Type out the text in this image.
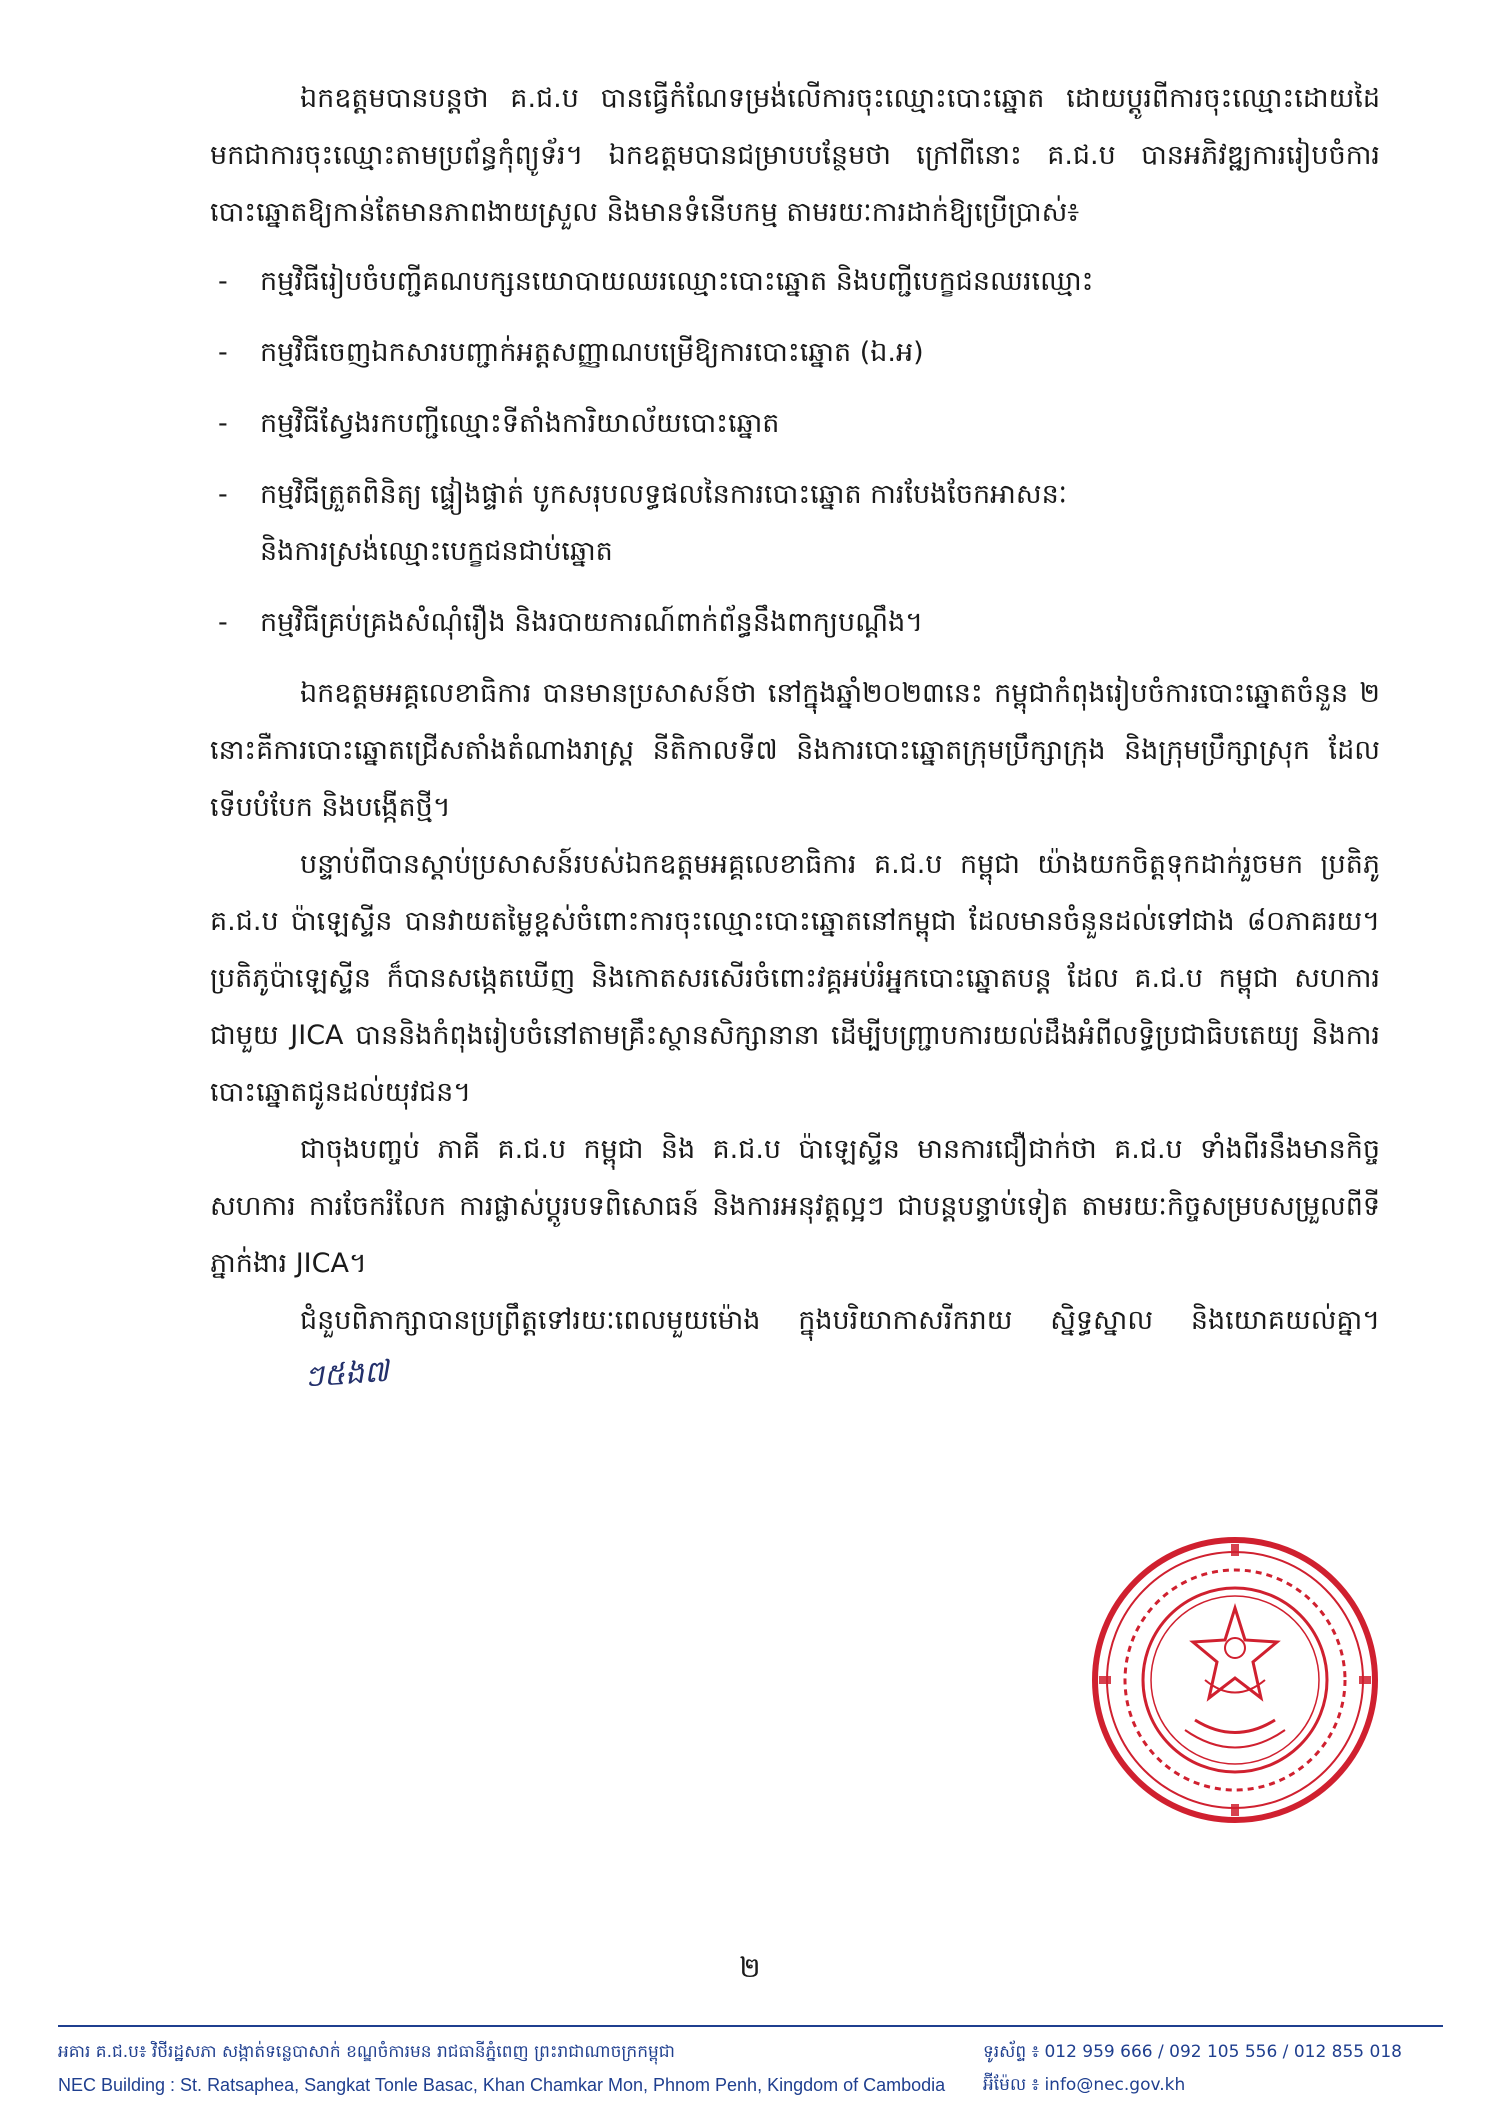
ឯកឧត្តមបានបន្តថា គ.ជ.ប បានធ្វើកំណែទម្រង់លើការចុះឈ្មោះបោះឆ្នោត ដោយប្តូរពីការចុះឈ្មោះដោយដៃ មកជាការចុះឈ្មោះតាមប្រព័ន្ធកុំព្យូទ័រ។ ឯកឧត្តមបានជម្រាបបន្ថែមថា ក្រៅពីនោះ គ.ជ.ប បានអភិវឌ្ឍការរៀបចំការបោះឆ្នោតឱ្យកាន់តែមានភាពងាយស្រួល និងមានទំនើបកម្ម តាមរយៈការដាក់ឱ្យប្រើប្រាស់៖

- កម្មវិធីរៀបចំបញ្ជីគណបក្សនយោបាយឈរឈ្មោះបោះឆ្នោត និងបញ្ជីបេក្ខជនឈរឈ្មោះ
- កម្មវិធីចេញឯកសារបញ្ជាក់អត្តសញ្ញាណបម្រើឱ្យការបោះឆ្នោត (ឯ.អ)
- កម្មវិធីស្វែងរកបញ្ជីឈ្មោះទីតាំងការិយាល័យបោះឆ្នោត
- កម្មវិធីត្រួតពិនិត្យ ផ្ទៀងផ្ទាត់ បូកសរុបលទ្ធផលនៃការបោះឆ្នោត ការបែងចែកអាសនៈ
និងការស្រង់ឈ្មោះបេក្ខជនជាប់ឆ្នោត
- កម្មវិធីគ្រប់គ្រងសំណុំរឿង និងរបាយការណ៍ពាក់ព័ន្ធនឹងពាក្យបណ្តឹង។

ឯកឧត្តមអគ្គលេខាធិការ បានមានប្រសាសន៍ថា នៅក្នុងឆ្នាំ២០២៣នេះ កម្ពុជាកំពុងរៀបចំការបោះឆ្នោតចំនួន ២ នោះគឺការបោះឆ្នោតជ្រើសតាំងតំណាងរាស្ត្រ នីតិកាលទី៧ និងការបោះឆ្នោតក្រុមប្រឹក្សាក្រុង និងក្រុមប្រឹក្សាស្រុក ដែលទើបបំបែក និងបង្កើតថ្មី។

បន្ទាប់ពីបានស្តាប់ប្រសាសន៍របស់ឯកឧត្តមអគ្គលេខាធិការ គ.ជ.ប កម្ពុជា យ៉ាងយកចិត្តទុកដាក់រួចមក ប្រតិភូ គ.ជ.ប ប៉ាឡេស្ទីន បានវាយតម្លៃខ្ពស់ចំពោះការចុះឈ្មោះបោះឆ្នោតនៅកម្ពុជា ដែលមានចំនួនដល់ទៅជាង ៨០ភាគរយ។ ប្រតិភូប៉ាឡេស្ទីន ក៏បានសង្កេតឃើញ និងកោតសរសើរចំពោះវគ្គអប់រំអ្នកបោះឆ្នោតបន្ត ដែល គ.ជ.ប កម្ពុជា សហការជាមួយ JICA បាននិងកំពុងរៀបចំនៅតាមគ្រឹះស្ថានសិក្សានានា ដើម្បីបញ្ជ្រាបការយល់ដឹងអំពីលទ្ធិប្រជាធិបតេយ្យ និងការបោះឆ្នោតជូនដល់យុវជន។

ជាចុងបញ្ចប់ ភាគី គ.ជ.ប កម្ពុជា និង គ.ជ.ប ប៉ាឡេស្ទីន មានការជឿជាក់ថា គ.ជ.ប ទាំងពីរនឹងមានកិច្ចសហការ ការចែករំលែក ការផ្លាស់ប្តូរបទពិសោធន៍ និងការអនុវត្តល្អៗ ជាបន្តបន្ទាប់ទៀត តាមរយៈកិច្ចសម្របសម្រួលពីទីភ្នាក់ងារ JICA។

ជំនួបពិភាក្សាបានប្រព្រឹត្តទៅរយៈពេលមួយម៉ោង ក្នុងបរិយាកាសរីករាយ ស្និទ្ធស្នាល និងយោគយល់គ្នា។ៗ៥ង៧

២
អគារ គ.ជ.ប៖ វិថីរដ្ឋសភា សង្កាត់ទន្លេបាសាក់ ខណ្ឌចំការមន រាជធានីភ្នំពេញ ព្រះរាជាណាចក្រកម្ពុជា	ទូរស័ព្ទ ៖ 012 959 666 / 092 105 556 / 012 855 018
NEC Building : St. Ratsaphea, Sangkat Tonle Basac, Khan Chamkar Mon, Phnom Penh, Kingdom of Cambodia	អ៊ីម៉ែល ៖ info@nec.gov.kh
